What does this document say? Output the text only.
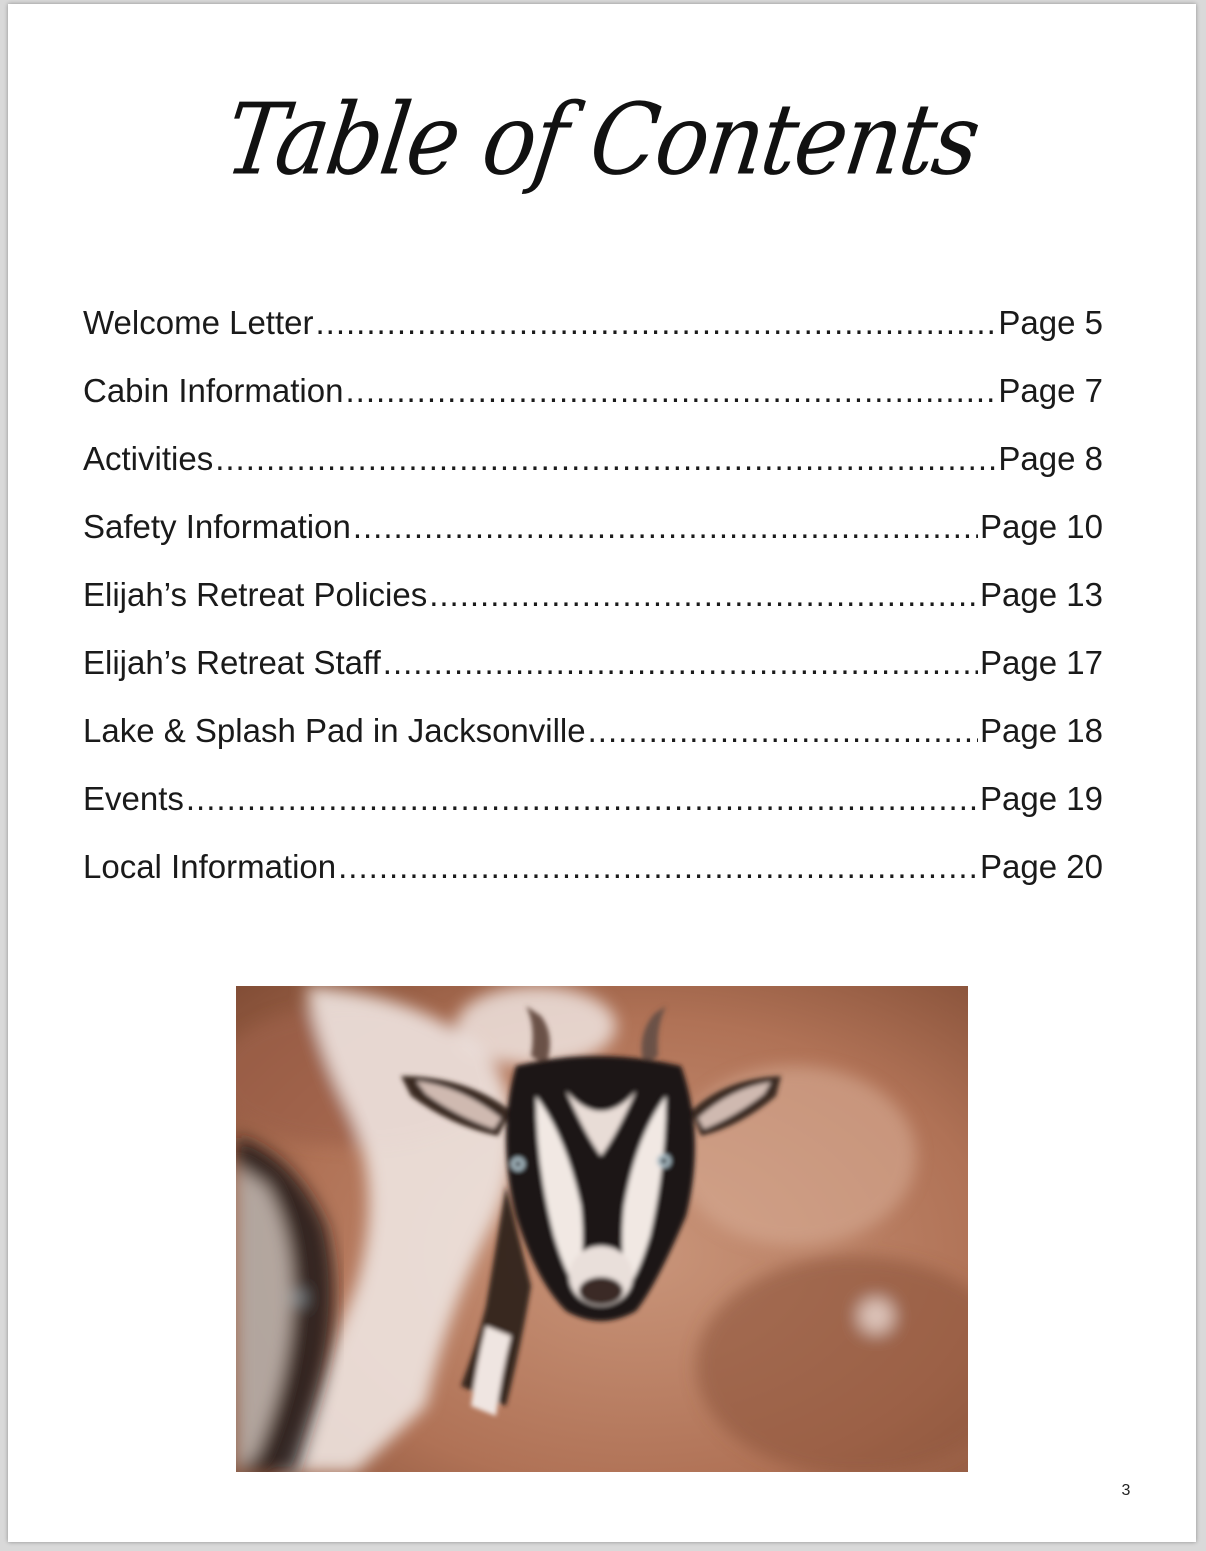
Table of Contents
Welcome Letter .....	Page 5
Cabin Information .....	Page 7
Activities .....	Page 8
Safety Information .....	Page 10
Elijah’s Retreat Policies .....	Page 13
Elijah’s Retreat Staff .....	Page 17
Lake & Splash Pad in Jacksonville .....	Page 18
Events .....	Page 19
Local Information .....	Page 20
3
